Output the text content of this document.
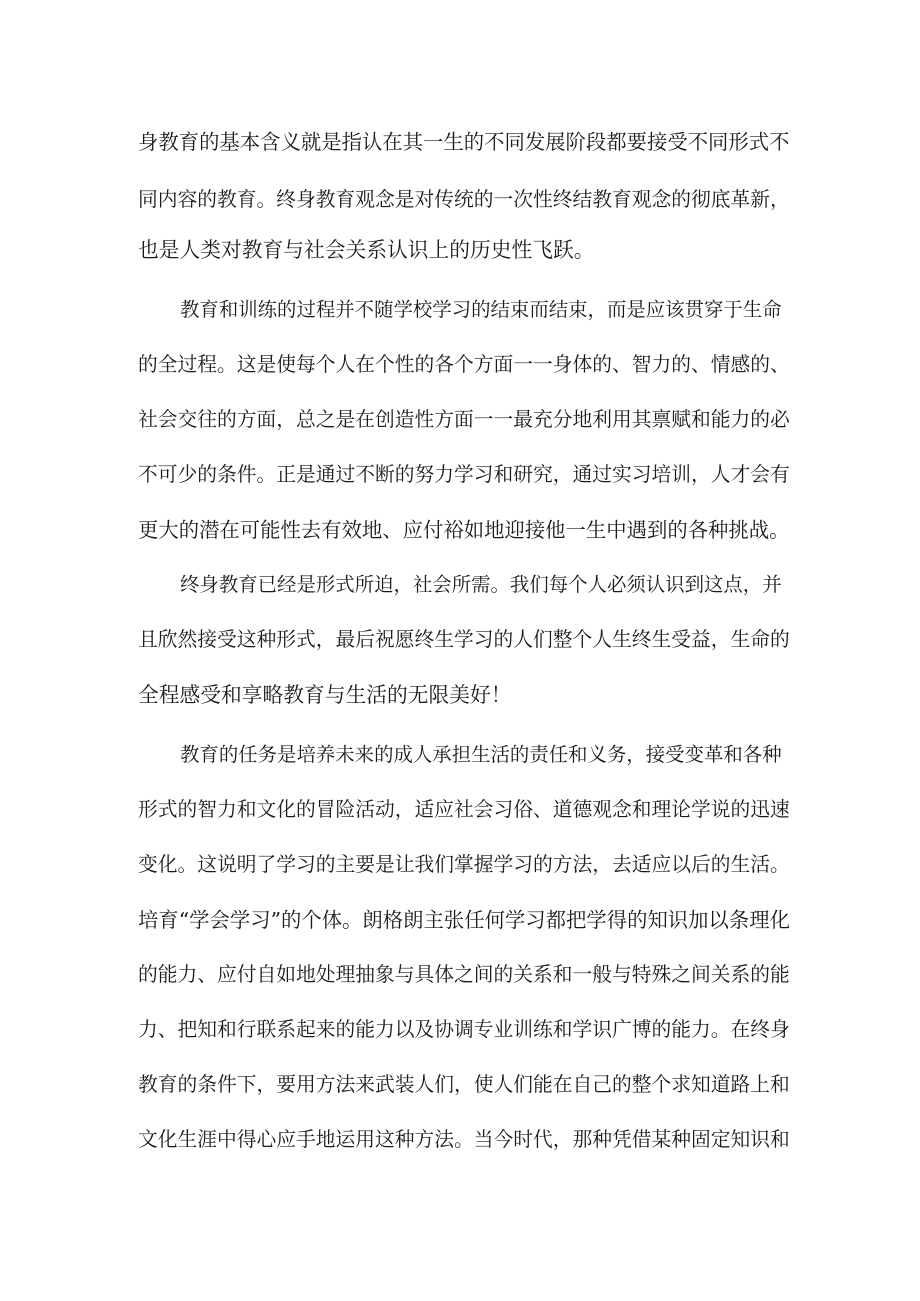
身教育的基本含义就是指认在其一生的不同发展阶段都要接受不同形式不
同内容的教育。终身教育观念是对传统的一次性终结教育观念的彻底革新，
也是人类对教育与社会关系认识上的历史性飞跃。
教育和训练的过程并不随学校学习的结束而结束，而是应该贯穿于生命
的全过程。这是使每个人在个性的各个方面一一身体的、智力的、情感的、
社会交往的方面，总之是在创造性方面一一最充分地利用其禀赋和能力的必
不可少的条件。正是通过不断的努力学习和研究，通过实习培训，人才会有
更大的潜在可能性去有效地、应付裕如地迎接他一生中遇到的各种挑战。
终身教育已经是形式所迫，社会所需。我们每个人必须认识到这点，并
且欣然接受这种形式，最后祝愿终生学习的人们整个人生终生受益，生命的
全程感受和享略教育与生活的无限美好！
教育的任务是培养未来的成人承担生活的责任和义务，接受变革和各种
形式的智力和文化的冒险活动，适应社会习俗、道德观念和理论学说的迅速
变化。这说明了学习的主要是让我们掌握学习的方法，去适应以后的生活。
培育“学会学习”的个体。朗格朗主张任何学习都把学得的知识加以条理化
的能力、应付自如地处理抽象与具体之间的关系和一般与特殊之间关系的能
力、把知和行联系起来的能力以及协调专业训练和学识广博的能力。在终身
教育的条件下，要用方法来武装人们，使人们能在自己的整个求知道路上和
文化生涯中得心应手地运用这种方法。当今时代，那种凭借某种固定知识和
